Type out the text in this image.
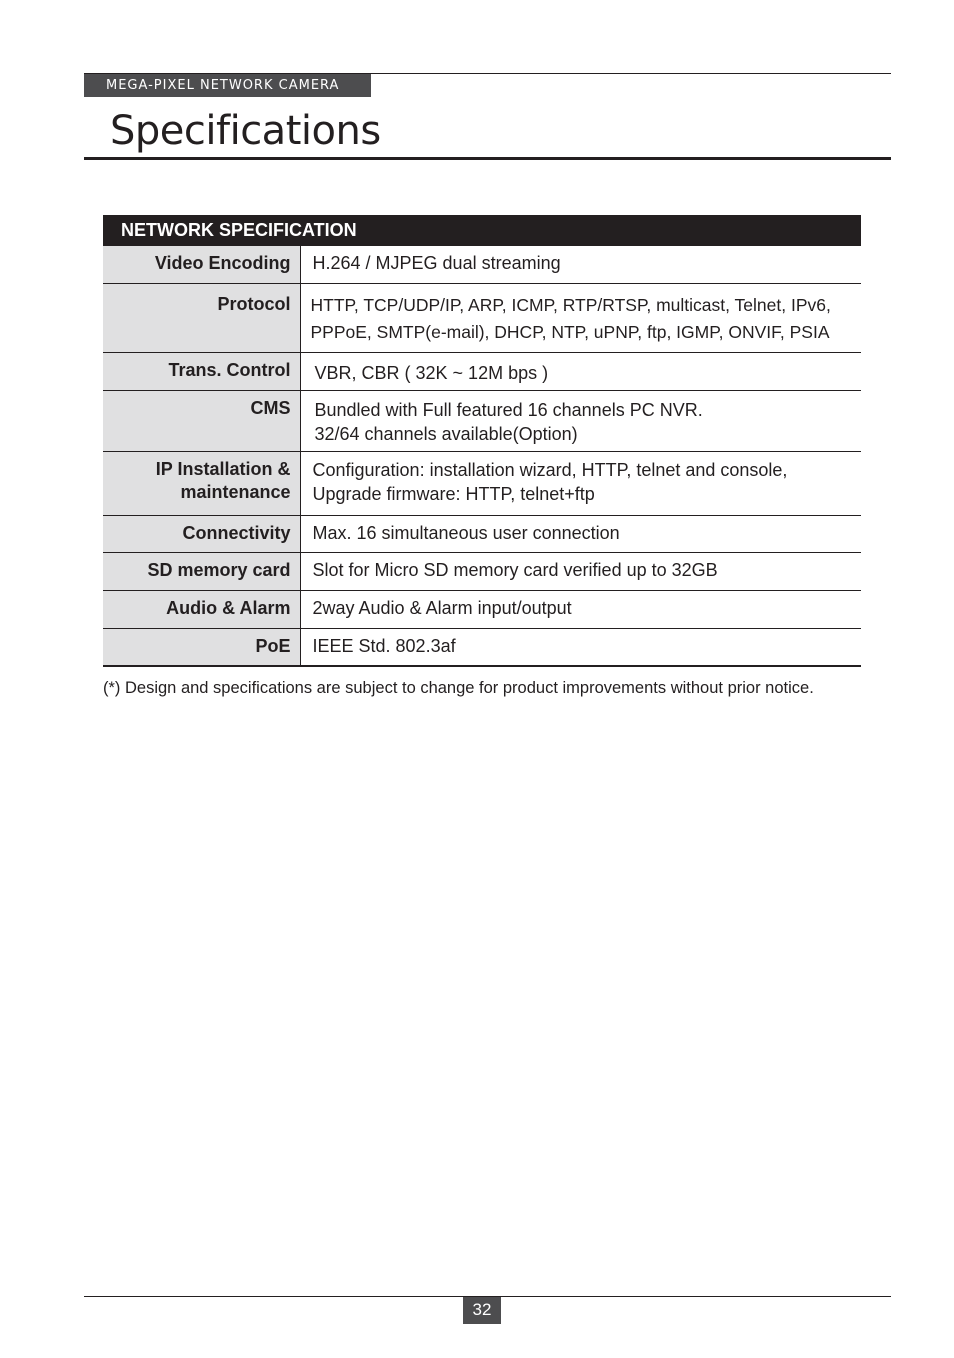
MEGA-PIXEL NETWORK CAMERA
Specifications
NETWORK SPECIFICATION	
Video Encoding	H.264 / MJPEG dual streaming
Protocol	HTTP, TCP/UDP/IP, ARP, ICMP, RTP/RTSP, multicast, Telnet, IPv6,
PPPoE, SMTP(e-mail), DHCP, NTP, uPNP, ftp, IGMP, ONVIF, PSIA
Trans. Control	VBR, CBR ( 32K ~ 12M bps )
CMS	Bundled with Full featured 16 channels PC NVR.
32/64 channels available(Option)
IP Installation &
maintenance	Configuration: installation wizard, HTTP, telnet and console,
Upgrade firmware: HTTP, telnet+ftp
Connectivity	Max. 16 simultaneous user connection
SD memory card	Slot for Micro SD memory card verified up to 32GB
Audio & Alarm	2way Audio & Alarm input/output
PoE	IEEE Std. 802.3af

(*) Design and specifications are subject to change for product improvements without prior notice.

32
